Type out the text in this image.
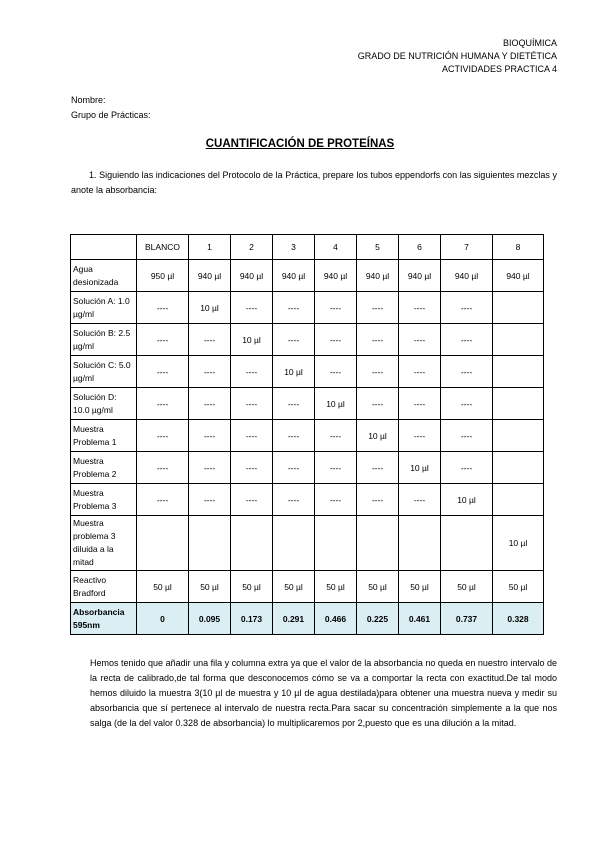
BIOQUÍMICA
GRADO DE NUTRICIÓN HUMANA Y DIETÉTICA
ACTIVIDADES PRACTICA 4
Nombre:
Grupo de Prácticas:
CUANTIFICACIÓN DE PROTEÍNAS
1. Siguiendo las indicaciones del Protocolo de la Práctica, prepare los tubos eppendorfs con las siguientes mezclas y anote la absorbancia:
	BLANCO	1	2	3	4	5	6	7	8
Agua desionizada	950 µl	940 µl	940 µl	940 µl	940 µl	940 µl	940 µl	940 µl	940 µl
Solución A: 1.0 µg/ml	----	10 µl	----	----	----	----	----	----	
Solución B: 2.5 µg/ml	----	----	10 µl	----	----	----	----	----	
Solución C: 5.0 µg/ml	----	----	----	10 µl	----	----	----	----	
Solución D: 10.0 µg/ml	----	----	----	----	10 µl	----	----	----	
Muestra Problema 1	----	----	----	----	----	10 µl	----	----	
Muestra Problema 2	----	----	----	----	----	----	10 µl	----	
Muestra Problema 3	----	----	----	----	----	----	----	10 µl	
Muestra problema 3 diluida a la mitad									10 µl
Reactivo Bradford	50 µl	50 µl	50 µl	50 µl	50 µl	50 µl	50 µl	50 µl	50 µl
Absorbancia 595nm	0	0.095	0.173	0.291	0.466	0.225	0.461	0.737	0.328
Hemos tenido que añadir una fila y columna extra ya que el valor de la absorbancia no queda en nuestro intervalo de la recta de calibrado,de tal forma que desconocemos cómo se va a comportar la recta con exactitud.De tal modo hemos diluido la muestra 3(10 µl de muestra y 10 µl de agua destilada)para obtener una muestra nueva y medir su absorbancia que sí pertenece al intervalo de nuestra recta.Para sacar su concentración simplemente a la que nos salga (de la del valor 0.328 de absorbancia) lo multiplicaremos por 2,puesto que es una dilución a la mitad.
